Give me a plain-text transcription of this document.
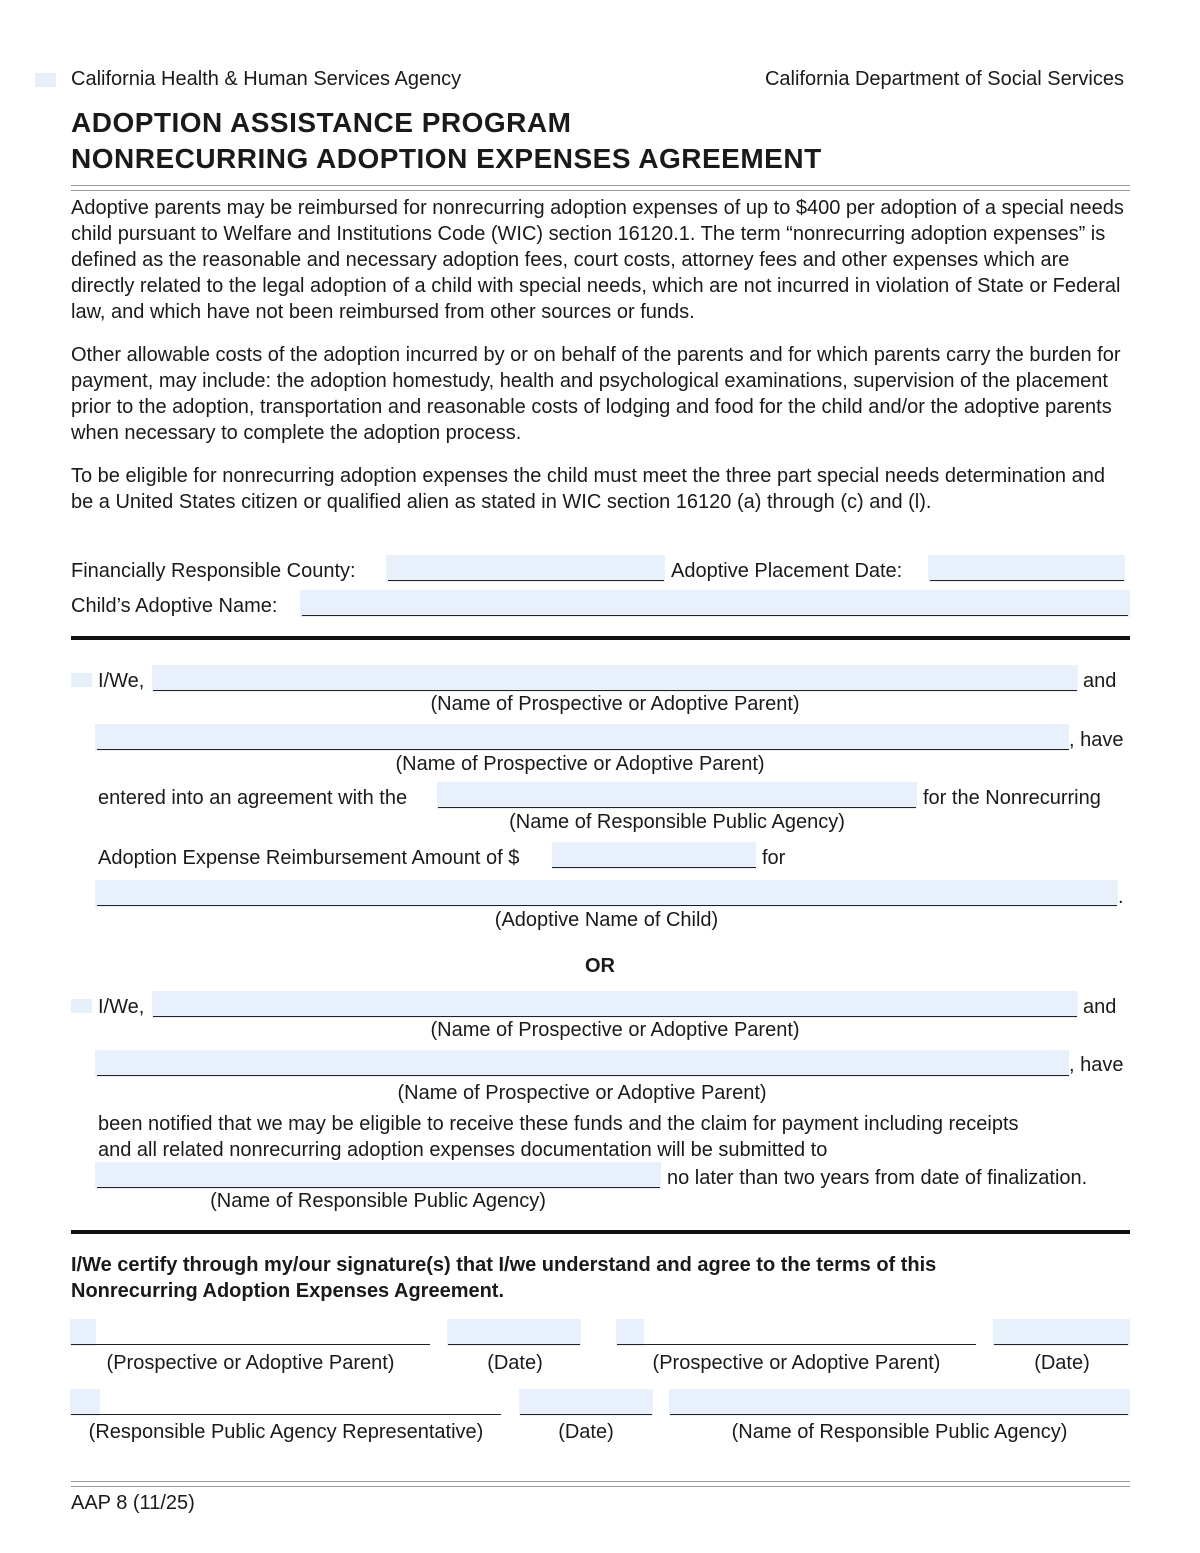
California Health & Human Services Agency	California Department of Social Services
ADOPTION ASSISTANCE PROGRAM
NONRECURRING ADOPTION EXPENSES AGREEMENT
Adoptive parents may be reimbursed for nonrecurring adoption expenses of up to $400 per adoption of a special needs child pursuant to Welfare and Institutions Code (WIC) section 16120.1. The term “nonrecurring adoption expenses” is defined as the reasonable and necessary adoption fees, court costs, attorney fees and other expenses which are directly related to the legal adoption of a child with special needs, which are not incurred in violation of State or Federal law, and which have not been reimbursed from other sources or funds.
Other allowable costs of the adoption incurred by or on behalf of the parents and for which parents carry the burden for payment, may include: the adoption homestudy, health and psychological examinations, supervision of the placement prior to the adoption, transportation and reasonable costs of lodging and food for the child and/or the adoptive parents when necessary to complete the adoption process.
To be eligible for nonrecurring adoption expenses the child must meet the three part special needs determination and be a United States citizen or qualified alien as stated in WIC section 16120 (a) through (c) and (l).
Financially Responsible County:	Adoptive Placement Date:
Child’s Adoptive Name:
I/We,	and
(Name of Prospective or Adoptive Parent)
, have
(Name of Prospective or Adoptive Parent)
entered into an agreement with the	for the Nonrecurring
(Name of Responsible Public Agency)
Adoption Expense Reimbursement Amount of $	for
.
(Adoptive Name of Child)
OR
I/We,	and
(Name of Prospective or Adoptive Parent)
, have
(Name of Prospective or Adoptive Parent)
been notified that we may be eligible to receive these funds and the claim for payment including receipts
and all related nonrecurring adoption expenses documentation will be submitted to
no later than two years from date of finalization.
(Name of Responsible Public Agency)
I/We certify through my/our signature(s) that I/we understand and agree to the terms of this
Nonrecurring Adoption Expenses Agreement.
(Prospective or Adoptive Parent)	(Date)	(Prospective or Adoptive Parent)	(Date)
(Responsible Public Agency Representative)	(Date)	(Name of Responsible Public Agency)
AAP 8 (11/25)
